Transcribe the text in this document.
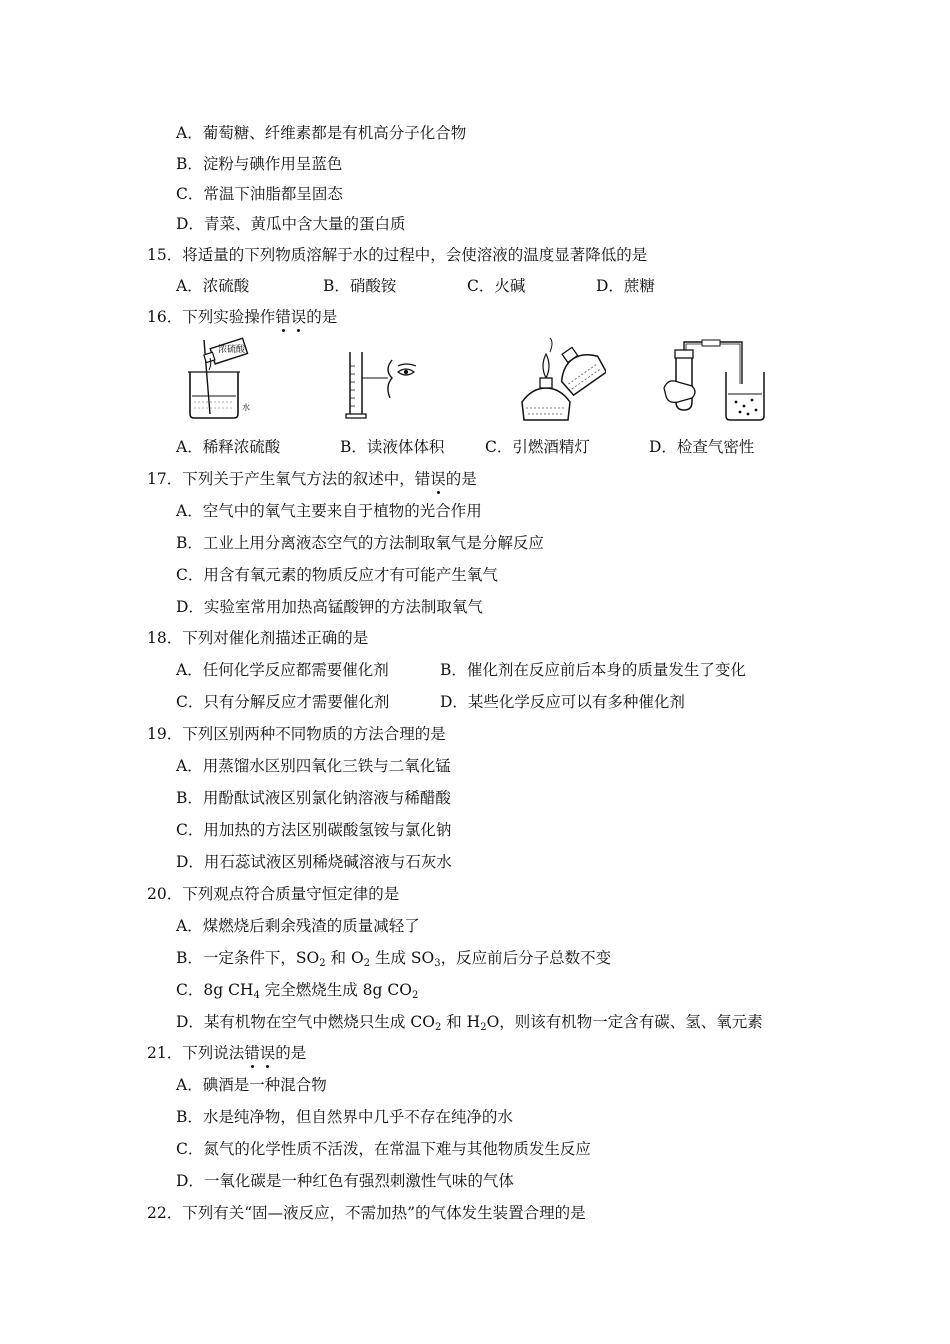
A．葡萄糖、纤维素都是有机高分子化合物
B．淀粉与碘作用呈蓝色
C．常温下油脂都呈固态
D．青菜、黄瓜中含大量的蛋白质
15．将适量的下列物质溶解于水的过程中，会使溶液的温度显著降低的是
A．浓硫酸	B．硝酸铵	C．火碱	D．蔗糖
16．下列实验操作错误的是
浓硫酸
水
A．稀释浓硫酸	B．读液体体积	C．引燃酒精灯	D．检查气密性
17．下列关于产生氧气方法的叙述中，错误的是
A．空气中的氧气主要来自于植物的光合作用
B．工业上用分离液态空气的方法制取氧气是分解反应
C．用含有氧元素的物质反应才有可能产生氧气
D．实验室常用加热高锰酸钾的方法制取氧气
18．下列对催化剂描述正确的是
A．任何化学反应都需要催化剂	B．催化剂在反应前后本身的质量发生了变化
C．只有分解反应才需要催化剂	D．某些化学反应可以有多种催化剂
19．下列区别两种不同物质的方法合理的是
A．用蒸馏水区别四氧化三铁与二氧化锰
B．用酚酞试液区别氯化钠溶液与稀醋酸
C．用加热的方法区别碳酸氢铵与氯化钠
D．用石蕊试液区别稀烧碱溶液与石灰水
20．下列观点符合质量守恒定律的是
A．煤燃烧后剩余残渣的质量减轻了
B．一定条件下，$SO_2$ 和 $O_2$ 生成 $SO_3$，反应前后分子总数不变
C．8g $CH_4$ 完全燃烧生成 8g $CO_2$
D．某有机物在空气中燃烧只生成 $CO_2$ 和 $H_2O$，则该有机物一定含有碳、氢、氧元素
21．下列说法错误的是
A．碘酒是一种混合物
B．水是纯净物，但自然界中几乎不存在纯净的水
C．氮气的化学性质不活泼，在常温下难与其他物质发生反应
D．一氧化碳是一种红色有强烈刺激性气味的气体
22．下列有关“固—液反应，不需加热”的气体发生装置合理的是
